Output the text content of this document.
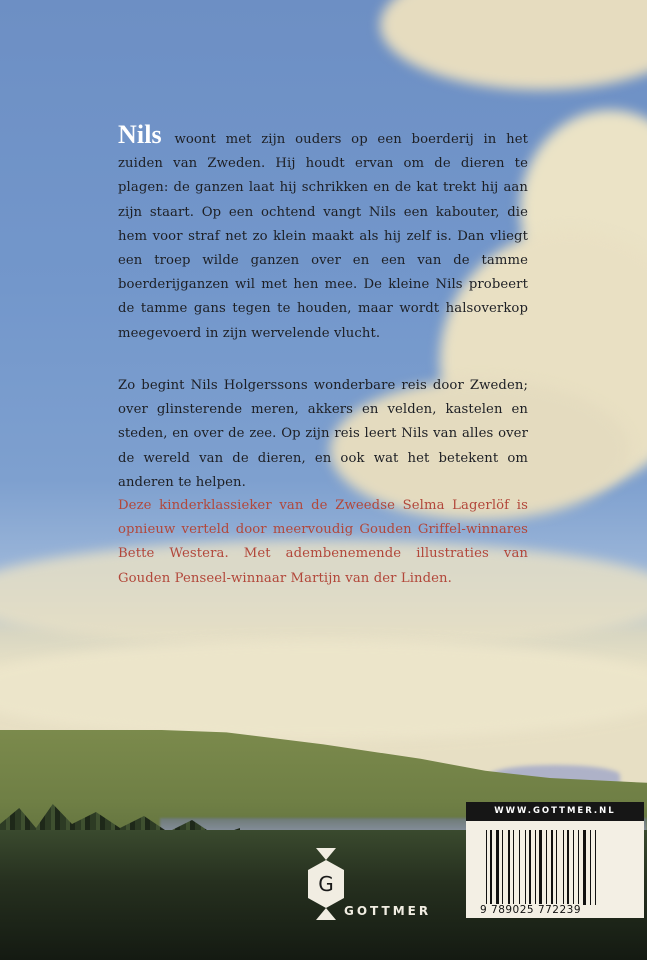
Nils woont met zijn ouders op een boerderij in het zuiden van Zweden. Hij houdt ervan om de dieren te plagen: de ganzen laat hij schrikken en de kat trekt hij aan zijn staart. Op een ochtend vangt Nils een kabouter, die hem voor straf net zo klein maakt als hij zelf is. Dan vliegt een troep wilde ganzen over en een van de tamme boerderijganzen wil met hen mee. De kleine Nils probeert de tamme gans tegen te houden, maar wordt halsoverkop meegevoerd in zijn wervelende vlucht.
Zo begint Nils Holgerssons wonderbare reis door Zweden; over glinsterende meren, akkers en velden, kastelen en steden, en over de zee. Op zijn reis leert Nils van alles over de wereld van de dieren, en ook wat het betekent om anderen te helpen.
Deze kinderklassieker van de Zweedse Selma Lagerlöf is opnieuw verteld door meervoudig Gouden Griffel-winnares Bette Westera. Met adembenemende illustraties van Gouden Penseel-winnaar Martijn van der Linden.
G
GOTTMER
WWW.GOTTMER.NL
9 789025 772239
